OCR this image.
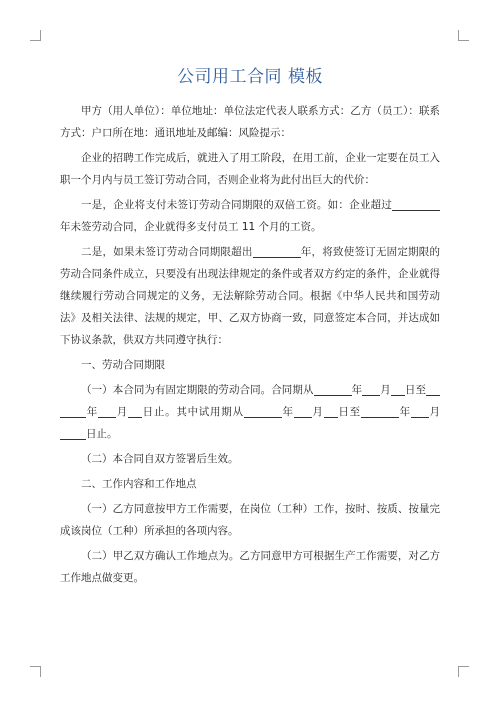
公司用工合同 模板

甲方（用人单位）：单位地址：单位法定代表人联系方式：乙方（员工）：联系方式：户口所在地：通讯地址及邮编：风险提示：

企业的招聘工作完成后，就进入了用工阶段，在用工前，企业一定要在员工入职一个月内与员工签订劳动合同，否则企业将为此付出巨大的代价：

一是，企业将支付未签订劳动合同期限的双倍工资。如：企业超过年未签劳动合同，企业就得多支付员工 11 个月的工资。

二是，如果未签订劳动合同期限超出	年，将致使签订无固定期限的劳动合同条件成立，只要没有出现法律规定的条件或者双方约定的条件，企业就得继续履行劳动合同规定的义务，无法解除劳动合同。根据《中华人民共和国劳动法》及相关法律、法规的规定，甲、乙双方协商一致，同意签定本合同，并达成如下协议条款，供双方共同遵守执行：

一、劳动合同期限

（一）本合同为有固定期限的劳动合同。合同期从	年 月 日至年 月 日止。其中试用期从	年 月 日至	年 月日止。

（二）本合同自双方签署后生效。

二、工作内容和工作地点

（一）乙方同意按甲方工作需要，在岗位（工种）工作，按时、按质、按量完成该岗位（工种）所承担的各项内容。

（二）甲乙双方确认工作地点为。乙方同意甲方可根据生产工作需要，对乙方工作地点做变更。
